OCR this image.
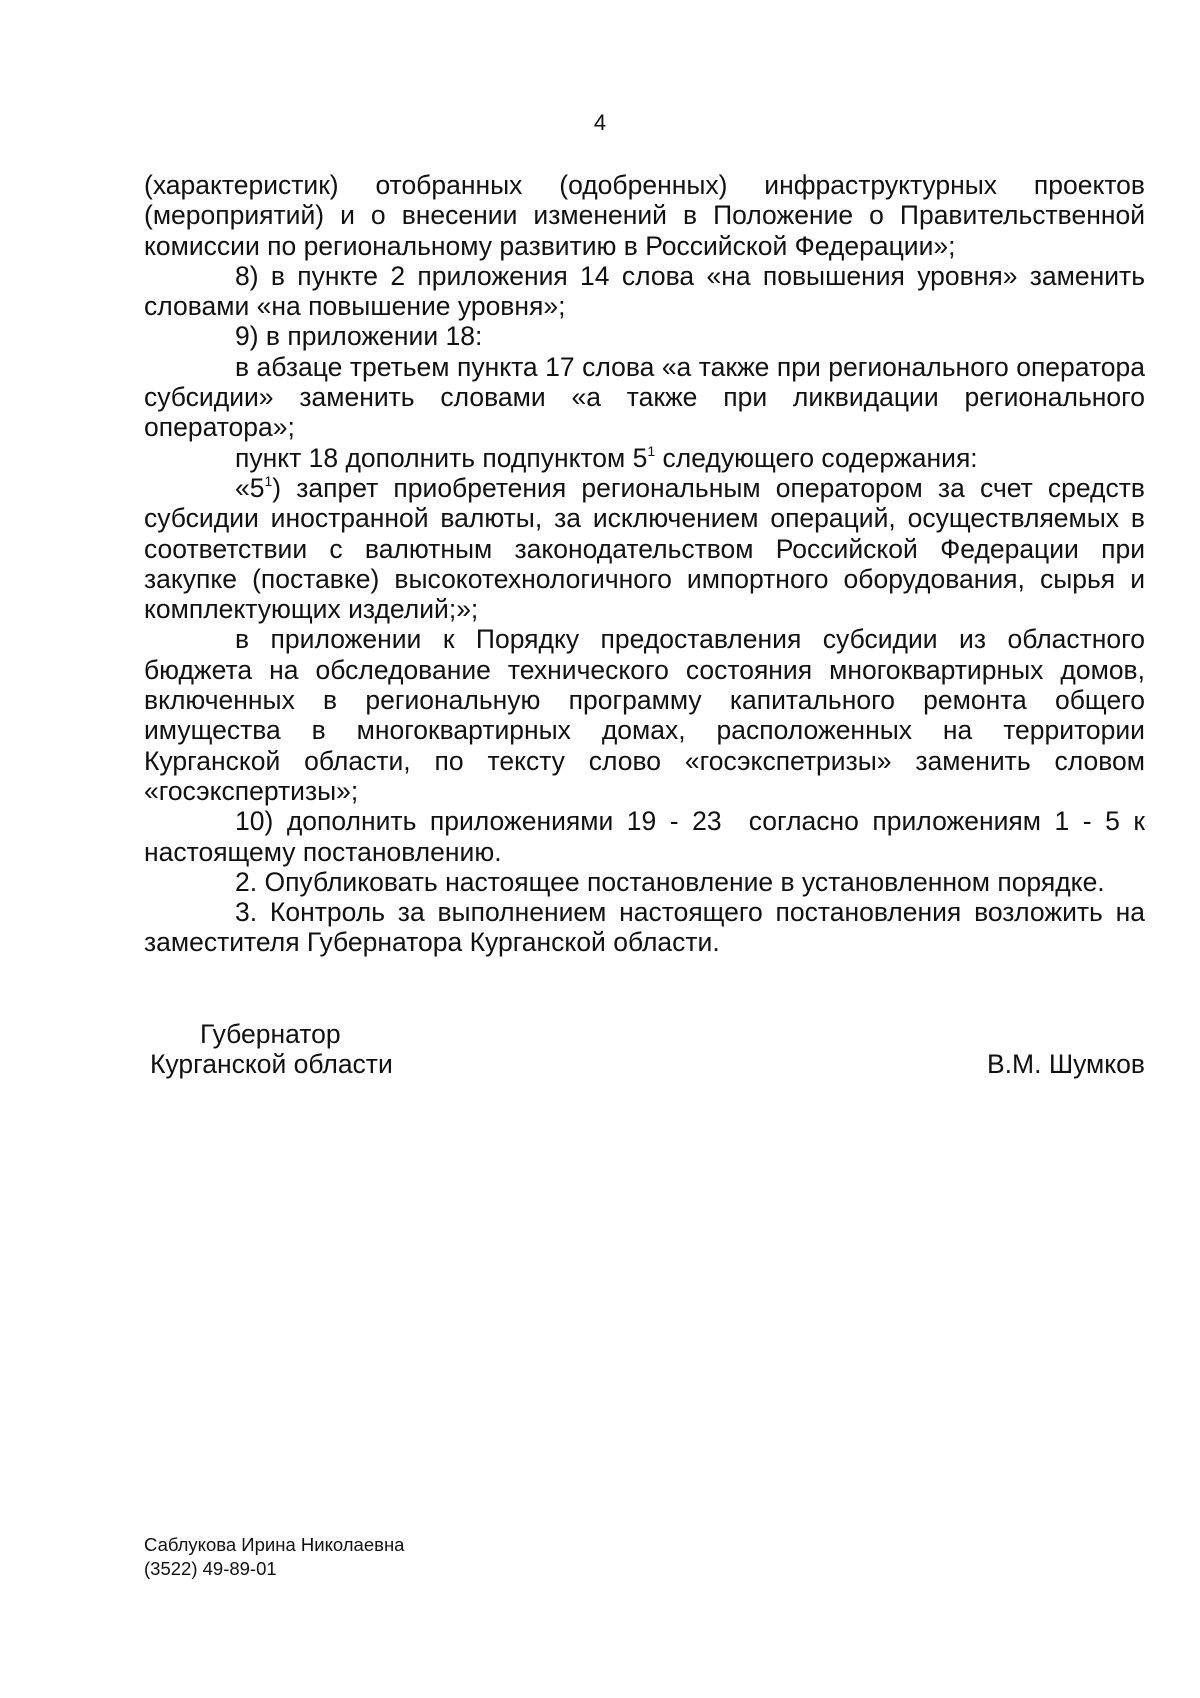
4

(характеристик) отобранных (одобренных) инфраструктурных проектов (мероприятий) и о внесении изменений в Положение о Правительственной комиссии по региональному развитию в Российской Федерации»;

8) в пункте 2 приложения 14 слова «на повышения уровня» заменить словами «на повышение уровня»;

9) в приложении 18:

в абзаце третьем пункта 17 слова «а также при регионального оператора субсидии» заменить словами «а также при ликвидации регионального оператора»;

пункт 18 дополнить подпунктом $5^1$ следующего содержания:

«$5^1$) запрет приобретения региональным оператором за счет средств субсидии иностранной валюты, за исключением операций, осуществляемых в соответствии с валютным законодательством Российской Федерации при закупке (поставке) высокотехнологичного импортного оборудования, сырья и комплектующих изделий;»;

в приложении к Порядку предоставления субсидии из областного бюджета на обследование технического состояния многоквартирных домов, включенных в региональную программу капитального ремонта общего имущества в многоквартирных домах, расположенных на территории Курганской области, по тексту слово «госэкспетризы» заменить словом «госэкспертизы»;

10) дополнить приложениями 19 - 23  согласно приложениям 1 - 5 к настоящему постановлению.

2. Опубликовать настоящее постановление в установленном порядке.

3. Контроль за выполнением настоящего постановления возложить на заместителя Губернатора Курганской области.

Губернатор
Курганской области	В.М. Шумков
Саблукова Ирина Николаевна
(3522) 49-89-01
